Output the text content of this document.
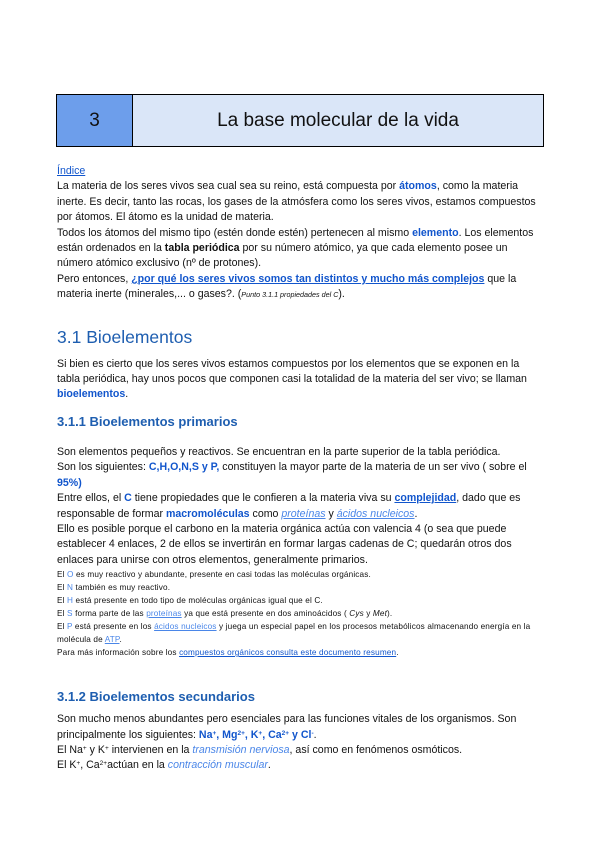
3	La base molecular de la vida
Índice
La materia de los seres vivos sea cual sea su reino, está compuesta por átomos, como la materia inerte. Es decir, tanto las rocas, los gases de la atmósfera como los seres vivos, estamos compuestos por átomos. El átomo es la unidad de materia.
Todos los átomos del mismo tipo (estén donde estén) pertenecen al mismo elemento. Los elementos están ordenados en la tabla periódica por su número atómico, ya que cada elemento posee un número atómico exclusivo (nº de protones).
Pero entonces, ¿por qué los seres vivos somos tan distintos y mucho más complejos que la materia inerte (minerales,... o gases?. (Punto 3.1.1 propiedades del C).
3.1 Bioelementos
Si bien es cierto que los seres vivos estamos compuestos por los elementos que se exponen en la tabla periódica, hay unos pocos que componen casi la totalidad de la materia del ser vivo; se llaman bioelementos.
3.1.1 Bioelementos primarios
Son elementos pequeños y reactivos. Se encuentran en la parte superior de la tabla periódica.
Son los siguientes: C,H,O,N,S y P, constituyen la mayor parte de la materia de un ser vivo ( sobre el 95%)
Entre ellos, el C tiene propiedades que le confieren a la materia viva su complejidad, dado que es responsable de formar macromoléculas como proteínas y ácidos nucleicos.
Ello es posible porque el carbono en la materia orgánica actúa con valencia 4 (o sea que puede establecer 4 enlaces, 2 de ellos se invertirán en formar largas cadenas de C; quedarán otros dos enlaces para unirse con otros elementos, generalmente primarios.
El O es muy reactivo y abundante, presente en casi todas las moléculas orgánicas.
El N también es muy reactivo.
El H está presente en todo tipo de moléculas orgánicas igual que el C.
El S forma parte de las proteínas ya que está presente en dos aminoácidos ( Cys y Met).
El P está presente en los ácidos nucleicos y juega un especial papel en los procesos metabólicos almacenando energía en la molécula de ATP.
Para más información sobre los compuestos orgánicos consulta este documento resumen.
3.1.2 Bioelementos secundarios
Son mucho menos abundantes pero esenciales para las funciones vitales de los organismos. Son principalmente los siguientes: Na+, $Mg^{2+}$, K+, $Ca^{2+}$ y Cl-.
El Na+ y K+ intervienen en la transmisión nerviosa, así como en fenómenos osmóticos.
El K+, $Ca^{2+}actúan$ en la contracción muscular.
